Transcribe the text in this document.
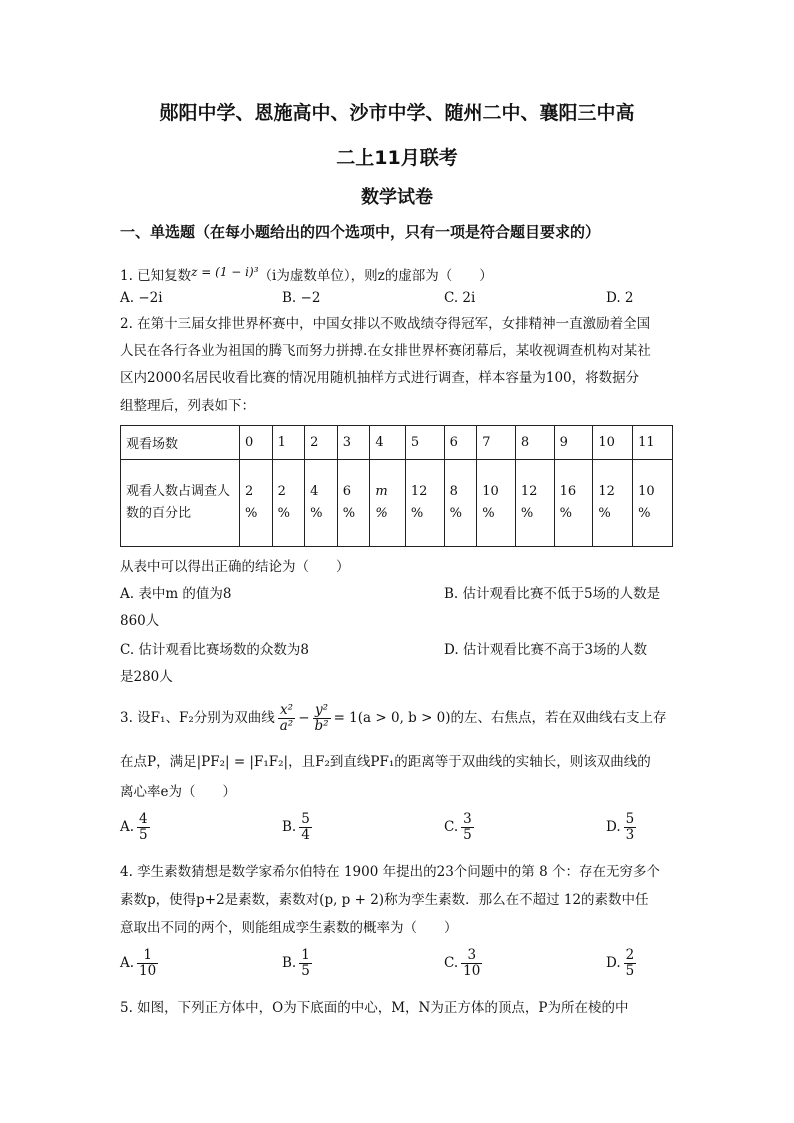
郧阳中学、恩施高中、沙市中学、随州二中、襄阳三中高
二上11月联考
数学试卷
一、单选题（在每小题给出的四个选项中，只有一项是符合题目要求的）
1. 已知复数z = (1 − i)³（i为虚数单位），则z的虚部为（　　）
A. −2i	B. −2	C. 2i	D. 2
2. 在第十三届女排世界杯赛中，中国女排以不败战绩夺得冠军，女排精神一直激励着全国
人民在各行各业为祖国的腾飞而努力拼搏.在女排世界杯赛闭幕后，某收视调查机构对某社
区内2000名居民收看比赛的情况用随机抽样方式进行调查，样本容量为100，将数据分
组整理后，列表如下：
观看场数	0	1	2	3	4	5	6	7	8	9	10	11
观看人数占调查人数的百分比	2 %	2 %	4 %	6 %	m %	12 %	8 %	10 %	12 %	16 %	12 %	10 %
从表中可以得出正确的结论为（　　）
A. 表中m 的值为8	B. 估计观看比赛不低于5场的人数是
860人
C. 估计观看比赛场数的众数为8	D. 估计观看比赛不高于3场的人数
是280人
3. 设F₁、F₂分别为双曲线 $\frac{\text{x²}}{\text{a²}} - \frac{\text{y²}}{\text{b²}} = 1(a > 0$, b > 0)的左、右焦点，若在双曲线右支上存
在点P，满足|PF₂| = |F₁F₂|，且F₂到直线PF₁的距离等于双曲线的实轴长，则该双曲线的
离心率e为（　　）
A. $\frac{4}{5}$	B. $\frac{5}{4}$	C. $\frac{3}{5}$	D. $\frac{5}{3}$
4. 孪生素数猜想是数学家希尔伯特在 1900 年提出的23个问题中的第 8 个：存在无穷多个
素数p，使得p+2是素数，素数对(p, p + 2)称为孪生素数．那么在不超过 12的素数中任
意取出不同的两个，则能组成孪生素数的概率为（　　）
A. $\frac{1}{10}$	B. $\frac{1}{5}$	C. $\frac{3}{10}$	D. $\frac{2}{5}$
5. 如图，下列正方体中，O为下底面的中心，M，N为正方体的顶点，P为所在棱的中
